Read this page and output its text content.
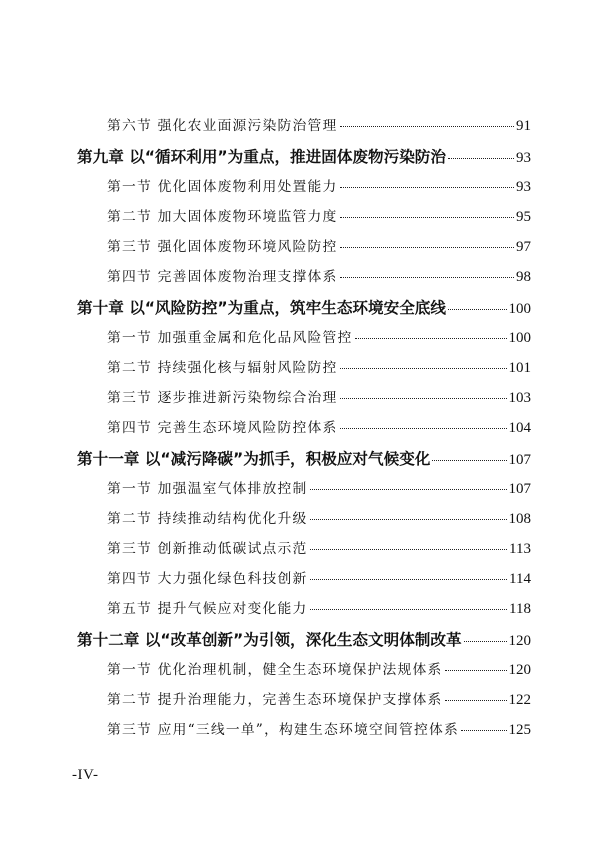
第六节 强化农业面源污染防治管理	91
第九章 以“循环利用”为重点，推进固体废物污染防治	93
第一节 优化固体废物利用处置能力	93
第二节 加大固体废物环境监管力度	95
第三节 强化固体废物环境风险防控	97
第四节 完善固体废物治理支撑体系	98
第十章 以“风险防控”为重点，筑牢生态环境安全底线	100
第一节 加强重金属和危化品风险管控	100
第二节 持续强化核与辐射风险防控	101
第三节 逐步推进新污染物综合治理	103
第四节 完善生态环境风险防控体系	104
第十一章 以“减污降碳”为抓手，积极应对气候变化	107
第一节 加强温室气体排放控制	107
第二节 持续推动结构优化升级	108
第三节 创新推动低碳试点示范	113
第四节 大力强化绿色科技创新	114
第五节 提升气候应对变化能力	118
第十二章 以“改革创新”为引领，深化生态文明体制改革	120
第一节 优化治理机制，健全生态环境保护法规体系	120
第二节 提升治理能力，完善生态环境保护支撑体系	122
第三节 应用“三线一单”，构建生态环境空间管控体系	125
-IV-
